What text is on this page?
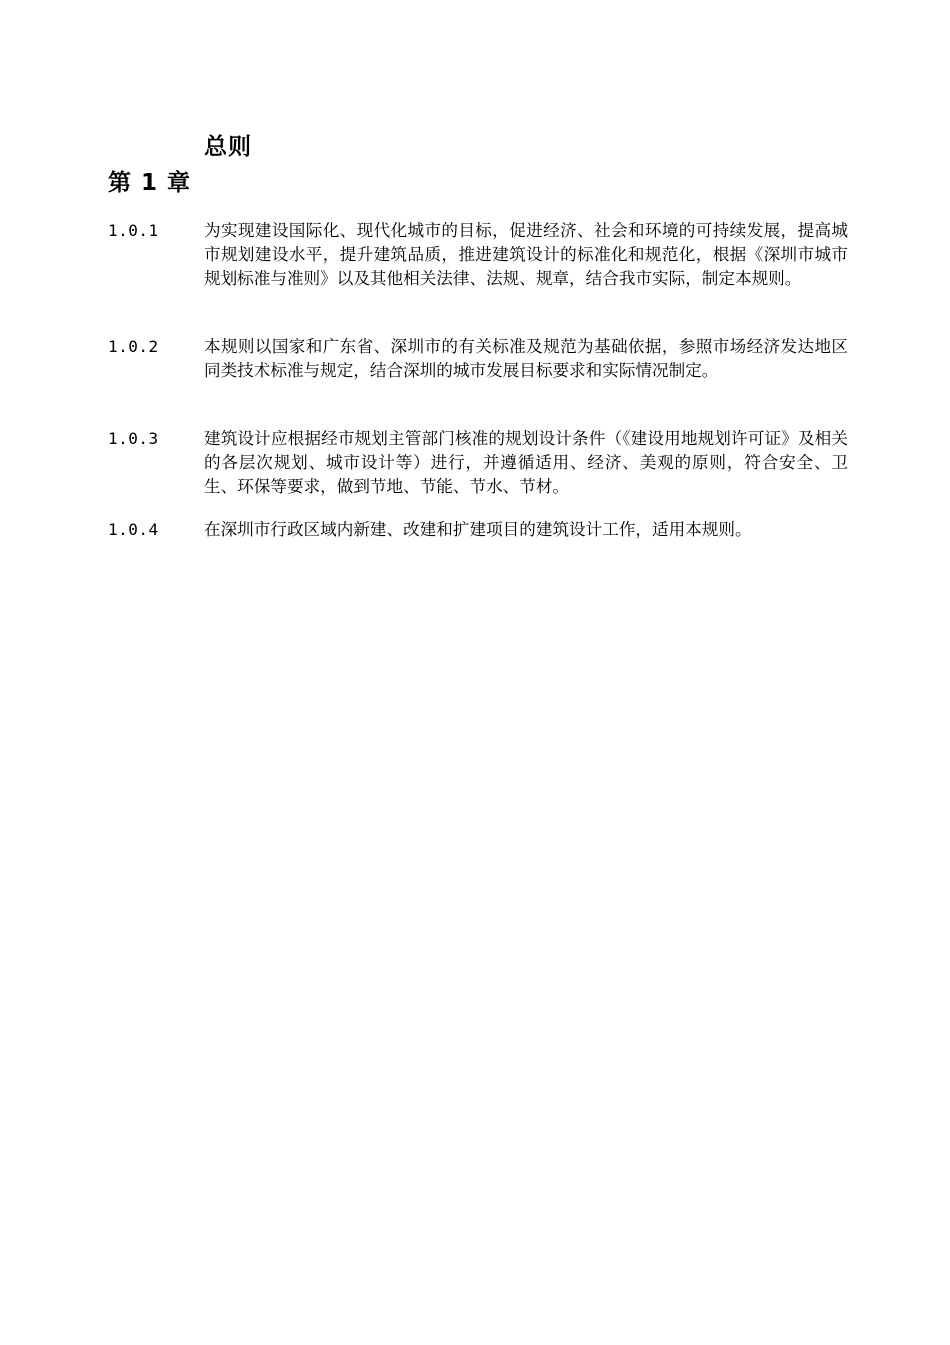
总则
第 1 章
1.0.1	为实现建设国际化、现代化城市的目标，促进经济、社会和环境的可持续发展，提高城市规划建设水平，提升建筑品质，推进建筑设计的标准化和规范化，根据《深圳市城市规划标准与准则》以及其他相关法律、法规、规章，结合我市实际，制定本规则。
1.0.2	本规则以国家和广东省、深圳市的有关标准及规范为基础依据，参照市场经济发达地区同类技术标准与规定，结合深圳的城市发展目标要求和实际情况制定。
1.0.3	建筑设计应根据经市规划主管部门核准的规划设计条件（《建设用地规划许可证》及相关的各层次规划、城市设计等）进行，并遵循适用、经济、美观的原则，符合安全、卫生、环保等要求，做到节地、节能、节水、节材。
1.0.4	在深圳市行政区域内新建、改建和扩建项目的建筑设计工作，适用本规则。
